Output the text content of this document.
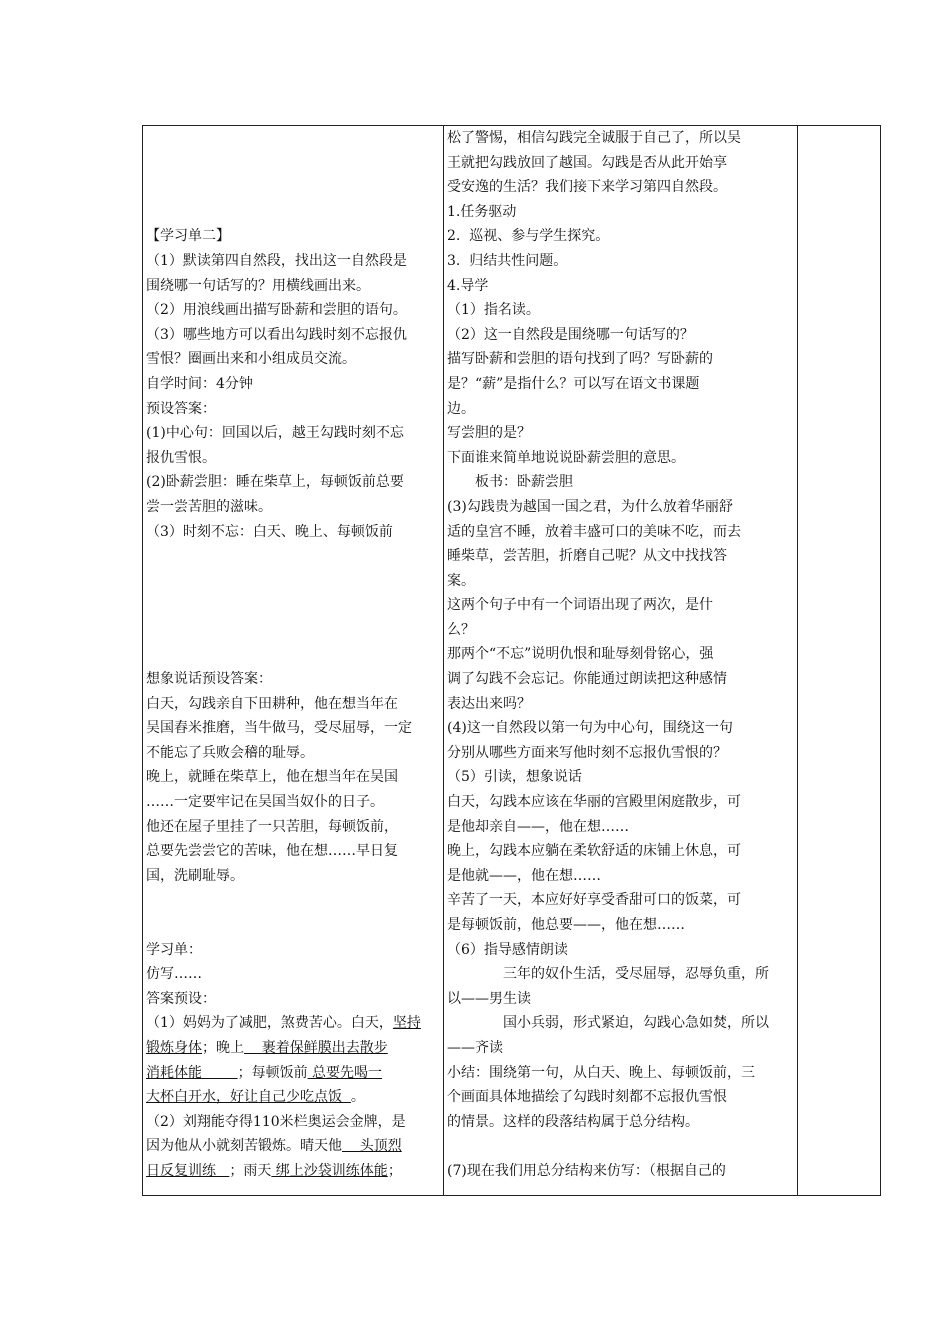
【学习单二】

（1）默读第四自然段，找出这一自然段是

围绕哪一句话写的？用横线画出来。

（2）用浪线画出描写卧薪和尝胆的语句。

（3）哪些地方可以看出勾践时刻不忘报仇

雪恨？圈画出来和小组成员交流。

自学时间：4分钟

预设答案：

(1)中心句：回国以后，越王勾践时刻不忘

报仇雪恨。

(2)卧薪尝胆：睡在柴草上，每顿饭前总要

尝一尝苦胆的滋味。

（3）时刻不忘：白天、晚上、每顿饭前

想象说话预设答案：

白天，勾践亲自下田耕种，他在想当年在

吴国舂米推磨，当牛做马，受尽屈辱，一定

不能忘了兵败会稽的耻辱。

晚上，就睡在柴草上，他在想当年在吴国

……一定要牢记在吴国当奴仆的日子。

他还在屋子里挂了一只苦胆，每顿饭前，

总要先尝尝它的苦味，他在想……早日复

国，洗刷耻辱。

学习单：

仿写……

答案预设：

（1）妈妈为了减肥，煞费苦心。白天，坚持

锻炼身体；晚上    裹着保鲜膜出去散步

消耗体能        ；每顿饭前 总要先喝一

大杯白开水，好让自己少吃点饭  。

（2）刘翔能夺得110米栏奥运会金牌，是

因为他从小就刻苦锻炼。晴天他    头顶烈

日反复训练   ；雨天 绑上沙袋训练体能；

松了警惕，相信勾践完全诚服于自己了，所以吴

王就把勾践放回了越国。勾践是否从此开始享

受安逸的生活？我们接下来学习第四自然段。

1.任务驱动

2.  巡视、参与学生探究。

3.  归结共性问题。

4.导学

（1）指名读。

（2）这一自然段是围绕哪一句话写的？

描写卧薪和尝胆的语句找到了吗？写卧薪的

是？“薪”是指什么？可以写在语文书课题

边。

写尝胆的是？

下面谁来简单地说说卧薪尝胆的意思。

板书：卧薪尝胆

(3)勾践贵为越国一国之君，为什么放着华丽舒

适的皇宫不睡，放着丰盛可口的美味不吃，而去

睡柴草，尝苦胆，折磨自己呢？从文中找找答

案。

这两个句子中有一个词语出现了两次，是什

么？

那两个“不忘”说明仇恨和耻辱刻骨铭心，强

调了勾践不会忘记。你能通过朗读把这种感情

表达出来吗？

(4)这一自然段以第一句为中心句，围绕这一句

分别从哪些方面来写他时刻不忘报仇雪恨的？

（5）引读，想象说话

白天，勾践本应该在华丽的宫殿里闲庭散步，可

是他却亲自——，他在想……

晚上，勾践本应躺在柔软舒适的床铺上休息，可

是他就——，他在想……

辛苦了一天，本应好好享受香甜可口的饭菜，可

是每顿饭前，他总要——，他在想……

（6）指导感情朗读

三年的奴仆生活，受尽屈辱，忍辱负重，所

以——男生读

国小兵弱，形式紧迫，勾践心急如焚，所以

——齐读

小结：围绕第一句，从白天、晚上、每顿饭前，三

个画面具体地描绘了勾践时刻都不忘报仇雪恨

的情景。这样的段落结构属于总分结构。

(7)现在我们用总分结构来仿写：（根据自己的
